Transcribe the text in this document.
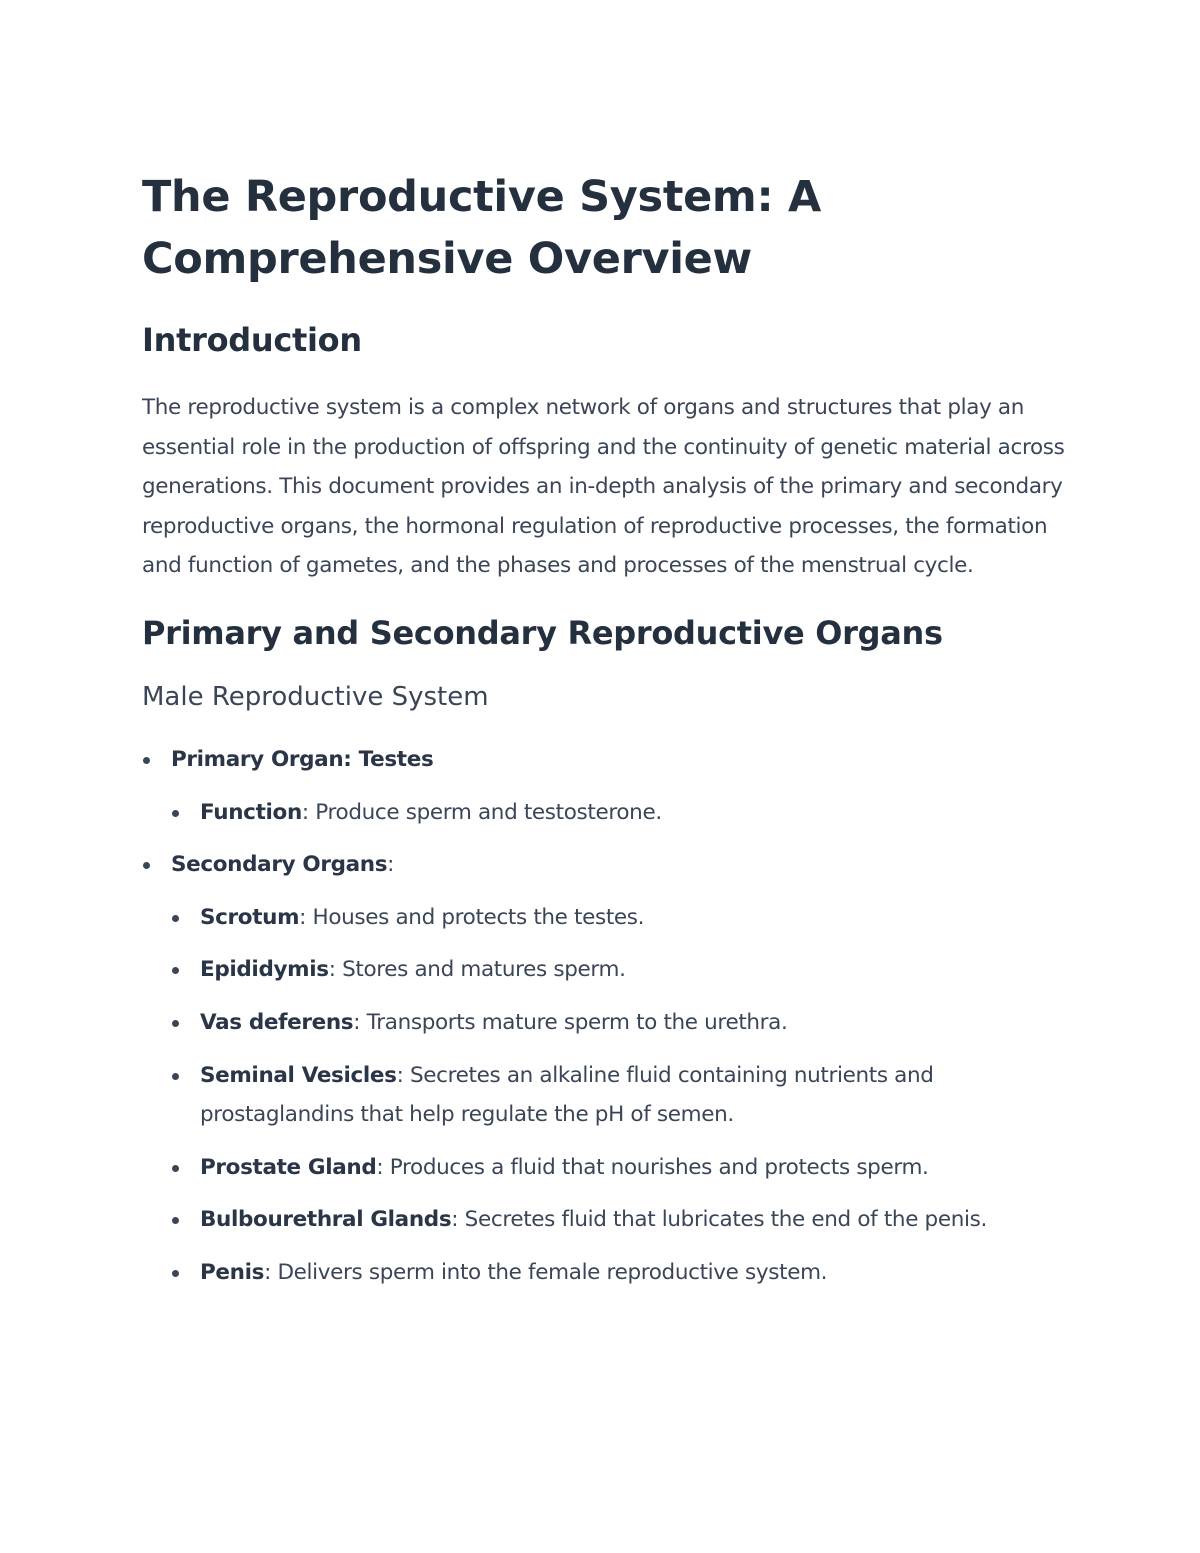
The Reproductive System: A Comprehensive Overview
Introduction

The reproductive system is a complex network of organs and structures that play an essential role in the production of offspring and the continuity of genetic material across generations. This document provides an in-depth analysis of the primary and secondary reproductive organs, the hormonal regulation of reproductive processes, the formation and function of gametes, and the phases and processes of the menstrual cycle.

Primary and Secondary Reproductive Organs
Male Reproductive System
Primary Organ: Testes
Function: Produce sperm and testosterone.
Secondary Organs:
Scrotum: Houses and protects the testes.
Epididymis: Stores and matures sperm.
Vas deferens: Transports mature sperm to the urethra.
Seminal Vesicles: Secretes an alkaline fluid containing nutrients and prostaglandins that help regulate the pH of semen.
Prostate Gland: Produces a fluid that nourishes and protects sperm.
Bulbourethral Glands: Secretes fluid that lubricates the end of the penis.
Penis: Delivers sperm into the female reproductive system.
